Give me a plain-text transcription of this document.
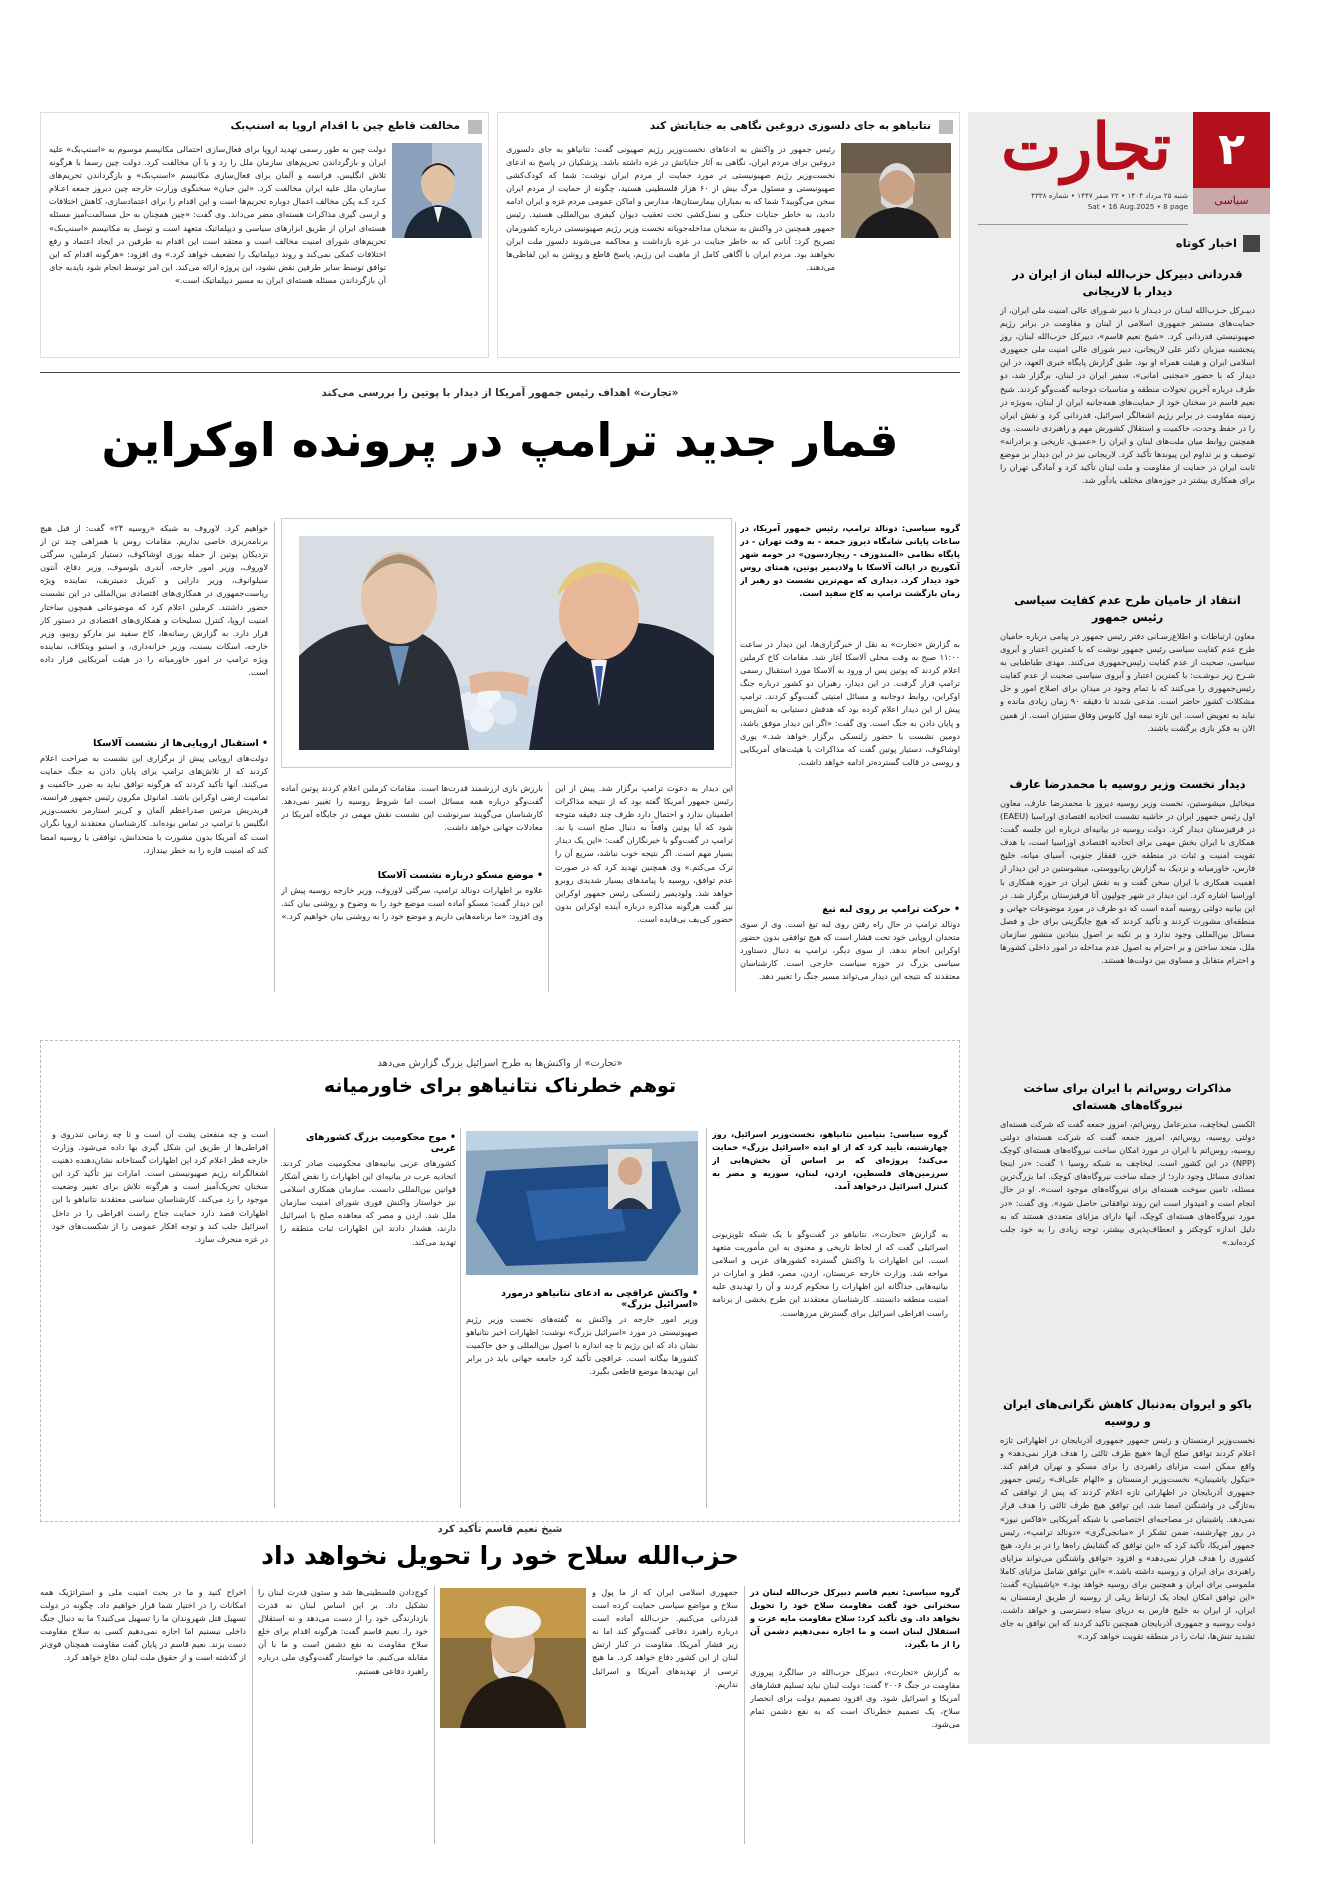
۲
سیاسی
تجارت
شنبه ۲۵ مرداد ۱۴۰۴ • ۲۲ صفر ۱۴۴۷ • شماره ۴۳۳۸
Sat • 16 Aug.2025 • 8 page
اخبار کوتاه
قدردانی دبیرکل حزب‌الله لبنان از ایران در دیدار با لاریجانی
دبیـرکل حـزب‌الله لبنـان در دیـدار با دبیر شـورای عالی امنیت ملی ایران، از حمایت‌های مستمر جمهوری اسلامی از لبنان و مقاومت در برابر رژیم صهیونیستی قدردانی کرد. «شیخ نعیم قاسم»، دبیرکل حزب‌الله لبنان، روز پنجشنبه میزبان دکتر علی لاریجانی، دبیر شورای عالی امنیت ملی جمهوری اسلامی ایران و هیئت همراه او بود. طبق گزارش پایگاه خبری العهد، در این دیدار که با حضور «مجتبی امانی»، سفیر ایران در لبنان، برگزار شد، دو طرف درباره آخرین تحولات منطقه و مناسبات دوجانبه گفت‌وگو کردند. شیخ نعیم قاسم در سخنان خود از حمایت‌های همه‌جانبه ایران از لبنان، به‌ویژه در زمینه مقاومت در برابر رژیم اشغالگر اسرائیل، قدردانی کرد و نقش ایران را در حفظ وحدت، حاکمیت و استقلال کشورش مهم و راهبردی دانست. وی همچنین روابط میان ملت‌های لبنان و ایران را «عمیـق، تاریخی و برادرانه» توصیف و بر تداوم این پیوندها تأکید کرد. لاریجانی نیز در این دیدار بر موضع ثابت ایران در حمایت از مقاومت و ملت لبنان تأکید کرد و آمادگی تهران را برای همکاری بیشتر در حوزه‌های مختلف یادآور شد.
انتقاد از حامیان طرح عدم کفایت سیاسی رئیس جمهور
معاون ارتباطات و اطلاع‌رسـانی دفتر رئیس جمهور در پیامی درباره حامیان طرح عدم کفایت سیاسی رئیس جمهور نوشت که با کمترین اعتبار و آبروی سیاسی، صحبت از عدم کفایت رئیس‌جمهوری می‌کنند. مهدی طباطبایی به شـرح زیر نـوشـت: با کمترین اعتبار و آبروی سیاسی صحبت از عدم کفایت رئیس‌جمهوری را می‌کنند که با تمام وجود در میدان برای اصلاح امور و حل مشکلات کشور حاضر است. مدعی شدند تا دقیقه ۹۰ زمان زیادی مانده و نباید به تعویض است. این تازه نیمه اول کابوس وفاق ستیزان است. از همین الان به فکر بازی برگشت باشند.
دیدار نخست وزیر روسیه با محمدرضا عارف
میخائیل میشوستین، نخست وزیر روسیه دیروز با محمدرضا عارف، معاون اول رئیس جمهور ایران در حاشیه نشست اتحادیه اقتصادی اوراسیا (EAEU) در قرقیزستان دیدار کرد. دولت روسیه در بیانیه‌ای درباره این جلسه گفت: همکاری با ایران بخش مهمی برای اتحادیه اقتصادی اوراسیا است، با هدف تقویت امنیت و ثبات در منطقه خزر، قفقاز جنوبی، آسیای میانه، خلیج فارس، خاورمیانه و نزدیک به گزارش ریانووستی، میشوستین در این دیدار از اهمیت همکاری با ایران سخن گفت و به نقش ایران در حوزه همکاری با اوراسیا اشاره کرد. این دیدار در شهر چولپون آتا قرقیزستان برگزار شد. در این بیانیه دولتی روسیه آمده است که دو طرف در مورد موضوعات جهانی و منطقه‌ای مشورت کردند و تأکید کردند که هیچ جایگزینی برای حل و فصل مسائل بین‌المللی وجود ندارد و بر تکیه بر اصول بنیادین منشور سازمان ملل، متحد ساختن و بر احترام به اصول عدم مداخله در امور داخلی کشورها و احترام متقابل و مساوی بین دولت‌ها هستند.
مذاکرات روس‌اتم با ایران برای ساخت نیروگاه‌های هسته‌ای
الکسی لیخاچف، مدیرعامل روس‌اتم، امروز جمعه گفت که شرکت هسته‌ای دولتی روسیه، روس‌اتم، امروز جمعه گفت که شرکت هسته‌ای دولتی روسیه، روس‌اتم با ایران در مورد امکان ساخت نیروگاه‌های هسته‌ای کوچک (NPP) در این کشور است. لیخاچف به شبکه روسیا ۱ گفت: «در اینجا تعدادی مسائل وجود دارد؛ از جمله ساخت نیروگاه‌های کوچک. اما بزرگ‌ترین مسئله، تامین سوخت هسته‌ای برای نیروگاه‌های موجود است». او در حال انجام است و امیدوار است این روند توافقاتی حاصل شود». وی گفت: «در مورد نیروگاه‌های هسته‌ای کوچک، آنها دارای مزایای متعددی هستند که به دلیل اندازه کوچکتر و انعطاف‌پذیری بیشتر، توجه زیادی را به خود جلب کرده‌اند.»
باکو و ایروان به‌دنبال کاهش نگرانی‌های ایران و روسیه
نخست‌وزیر ارمنستان و رئیس جمهور جمهوری آذربایجان در اظهاراتی تازه اعلام کردند توافق صلح آن‌ها «هیچ طرف ثالثی را هدف قرار نمی‌دهد» و واقع ممکن است مزایای راهبردی را برای مسکو و تهران فراهم کند. «نیکول پاشینیان» نخست‌وزیر ارمنستان و «الهام علی‌اف» رئیس جمهور جمهوری آذربایجان در اظهاراتی تازه اعلام کردند که پس از توافقی که به‌تازگی در واشنگتن امضا شد، این توافق هیچ طرف ثالثی را هدف قرار نمی‌دهد. پاشینیان در مصاحبه‌ای اختصاصی با شبکه آمریکایی «فاکس نیوز» در روز چهارشنبه، ضمن تشکر از «میانجی‌گری» «دونالد ترامپ»، رئیس جمهور آمریکا، تأکید کرد که «این توافق که گشایش راه‌ها را در بر دارد، هیچ کشوری را هدف قرار نمی‌دهد» و افزود «توافق واشنگتن می‌تواند مزایای راهبردی برای ایران و روسیه داشته باشد.» «این توافق شامل مزایای کاملا ملموسی برای ایران و همچنین برای روسیه خواهد بود.» «پاشینیان» گفت: «این توافق امکان ایجاد یک ارتباط ریلی از روسیه از طریق ارمنستان به ایران، از ایران به خلیج فارس به دریای سیاه دسترسی و خواهد داشت. دولت روسیه و جمهوری آذربایجان همچنین تاکید کردند که این توافق به جای تشدید تنش‌ها، ثبات را در منطقه تقویت خواهد کرد.»
مخالفت قاطع چین با اقدام اروپا به اسنپ‌بک
دولت چین به طور رسمی تهدید اروپا برای فعال‌سازی احتمالی مکانیسم موسوم به «اسنپ‌بک» علیه ایران و بازگرداندن تحریم‌های سازمان ملل را رد و با آن مخالفت کرد. دولت چین رسما با هرگونه تلاش انگلیس، فرانسه و آلمان برای فعال‌سازی مکانیسم «اسنپ‌بک» و بازگرداندن تحریم‌های سازمان ملل علیه ایران مخالفت کرد. «لین جیان» سخنگوی وزارت خارجه چین دیروز جمعه اعـلام کـرد کـه پکن مخالف اعمال دوباره تحریم‌ها است و این اقدام را برای اعتمادسازی، کاهش اختلافات و ارسی گیری مذاکرات هسته‌ای مضر می‌داند. وی گفت: «چین همچنان به حل مسالمت‌آمیز مسئله هسته‌ای ایران از طریق ابزارهای سیاسی و دیپلماتیک متعهد است و توسل به مکانیسم «اسنپ‌بک» تحریم‌های شورای امنیت مخالف است و معتقد است این اقدام به طرفین در ایجاد اعتماد و رفع اختلافات کمکی نمی‌کند و روند دیپلماتیک را تضعیف خواهد کرد.» وی افزود: «هرگونه اقدام که این توافق توسط سایر طرفین نقض نشود، این پروژه ارائه می‌کند. این امر توسط انجام شود بایدبه جای آن بازگرداندن مسئله هسته‌ای ایران به مسیر دیپلماتیک است.»
نتانیاهو به جای دلسوزی دروغین نگاهی به جنایاتش کند
رئیس جمهور در واکنش به ادعاهای نخست‌وزیر رژیم صهیونی گفت: نتانیاهو به جای دلسوزی دروغین برای مردم ایران، نگاهی به آثار جنایاتش در غزه داشته باشد. پزشکیان در پاسخ به ادعای نخست‌وزیر رژیم صهیونیستی در مورد حمایت از مردم ایران نوشت: شما که کودک‌کشی صهیونیستی و مسئول مرگ بیش از ۶۰ هزار فلسطینی هستید، چگونه از حمایت از مردم ایران سخن می‌گویید؟ شما که به بمباران بیمارستان‌ها، مدارس و اماکن عمومی مردم غزه و ایران ادامه دادید، به خاطر جنایات جنگی و نسل‌کشی تحت تعقیب دیوان کیفری بین‌المللی هستید. رئیس جمهور همچنین در واکنش به سخنان مداخله‌جویانه نخست وزیر رژیم صهیونیستی درباره کشورمان تصریح کرد: آنانی که به خاطر جنایت در غزه بازداشت و محاکمه می‌شوند دلسوز ملت ایران نخواهند بود. مردم ایران با آگاهی کامل از ماهیت این رژیم، پاسخ قاطع و روشن به این لفاظی‌ها می‌دهند.
«تجارت» اهداف رئیس جمهور آمریکا از دیدار با پوتین را بررسی می‌کند
قمار جدید ترامپ در پرونده اوکراین
گروه سیاسی: دونالد ترامپ، رئیس جمهور آمریکا، در ساعات پایانی شامگاه دیروز جمعه - به وقت تهران - در پایگاه نظامی «المندورف - ریچاردسون» در حومه شهر آنکوریج در ایالت آلاسکا با ولادیمیر پوتین، همتای روس خود دیدار کرد. دیداری که مهم‌ترین نشست دو رهبر از زمان بازگشت ترامپ به کاخ سفید است.
به گزارش «تجارت» به نقل از خبرگزاری‌ها، این دیدار در ساعت ۱۱:۰۰ صبح به وقت محلی آلاسکا آغاز شد. مقامات کاخ کرملین اعلام کردند که پوتین پس از ورود به آلاسکا مورد استقبال رسمی ترامپ قرار گرفت. در این دیدار، رهبران دو کشور درباره جنگ اوکراین، روابط دوجانبه و مسائل امنیتی گفت‌وگو کردند. ترامپ پیش از این دیدار اعلام کرده بود که هدفش دستیابی به آتش‌بس و پایان دادن به جنگ است. وی گفت: «اگر این دیدار موفق باشد، دومین نشست با حضور زلنسکی برگزار خواهد شد.» یوری اوشاکوف، دستیار پوتین گفت که مذاکرات با هیئت‌های آمریکایی و روسی در قالب گسترده‌تر ادامه خواهد داشت.
• حرکت ترامپ بر روی لبه تیغ
دونالد ترامپ در حال راه رفتن روی لبه تیغ است. وی از سوی متحدان اروپایی خود تحت فشار است که هیچ توافقی بدون حضور اوکراین انجام ندهد. از سوی دیگر، ترامپ به دنبال دستاورد سیاسی بزرگ در حوزه سیاست خارجی است. کارشناسان معتقدند که نتیجه این دیدار می‌تواند مسیر جنگ را تغییر دهد.
این دیدار به دعوت ترامپ برگزار شد. پیش از این رئیس جمهور آمریکا گفته بود که از نتیجه مذاکرات اطمینان ندارد و احتمال دارد ظرف چند دقیقه متوجه شود که آیا پوتین واقعاً به دنبال صلح است یا نه. ترامپ در گفت‌وگو با خبرنگاران گفت: «این یک دیدار بسیار مهم است. اگر نتیجه خوب نباشد، سریع آن را ترک می‌کنم.» وی همچنین تهدید کرد که در صورت عدم توافق، روسیه با پیامدهای بسیار شدیدی روبرو خواهد شد. ولودیمیر زلنسکی رئیس جمهور اوکراین نیز گفت هرگونه مذاکره درباره آینده اوکراین بدون حضور کی‌یف بی‌فایده است.
بارزش بازی ارزشمند قدرت‌ها است. مقامات کرملین اعلام کردند پوتین آماده گفت‌وگو درباره همه مسائل است اما شروط روسیه را تغییر نمی‌دهد. کارشناسان می‌گویند سرنوشت این نشست نقش مهمی در جایگاه آمریکا در معادلات جهانی خواهد داشت.
• موضع مسکو درباره نشست آلاسکا
علاوه بر اظهارات دونالد ترامپ، سرگئی لاوروف، وزیر خارجه روسیه پیش از این دیدار گفت: مسکو آماده است موضع خود را به وضوح و روشنی بیان کند. وی افزود: «ما برنامه‌هایی داریم و موضع خود را به روشنی بیان خواهیم کرد.»
خواهیم کرد. لاوروف به شبکه «روسیه ۲۴» گفت: از قبل هیچ برنامه‌ریزی خاصی نداریم. مقامات روس با همراهی چند تن از نزدیکان پوتین از جمله یوری اوشاکوف، دستیار کرملین، سرگئی لاوروف، وزیر امور خارجه، آندری بلوسوف، وزیر دفاع، آنتون سیلوانوف، وزیر دارایی و کیریل دمیتریف، نماینده ویژه ریاست‌جمهوری در همکاری‌های اقتصادی بین‌المللی در این نشست حضور داشتند. کرملین اعلام کرد که موضوعاتی همچون ساختار امنیت اروپا، کنترل تسلیحات و همکاری‌های اقتصادی در دستور کار قرار دارد. به گزارش رسانه‌ها، کاخ سفید نیز مارکو روبیو، وزیر خارجه، اسکات بسنت، وزیر خزانه‌داری، و استیو ویتکاف، نماینده ویژه ترامپ در امور خاورمیانه را در هیئت آمریکایی قرار داده است.
• استقبال اروپایی‌ها از نشست آلاسکا
دولت‌های اروپایی پیش از برگزاری این نشست به صراحت اعلام کردند که از تلاش‌های ترامپ برای پایان دادن به جنگ حمایت می‌کنند. آنها تأکید کردند که هرگونه توافق نباید به ضرر حاکمیت و تمامیت ارضی اوکراین باشد. امانوئل مکرون رئیس جمهور فرانسه، فریدریش مرتس صدراعظم آلمان و کی‌یر استارمر نخست‌وزیر انگلیس با ترامپ در تماس بوده‌اند. کارشناسان معتقدند اروپا نگران است که آمریکا بدون مشورت با متحدانش، توافقی با روسیه امضا کند که امنیت قاره را به خطر بیندازد.
«تجارت» از واکنش‌ها به طرح اسرائیل بزرگ گزارش می‌دهد
توهم خطرناک نتانیاهو برای خاورمیانه
گروه سیاسی: بنیامین نتانیاهو، نخست‌وزیر اسرائیل، روز چهارشنبه، تأیید کرد که از او ایده «اسرائیل بزرگ» حمایت می‌کند؛ پروژه‌ای که بر اساس آن بخش‌هایی از سرزمین‌های فلسطین، اردن، لبنان، سوریه و مصر به کنترل اسرائیل درخواهد آمد.
به گزارش «تجارت»، نتانیاهو در گفت‌وگو با یک شبکه تلویزیونی اسرائیلی گفت که از لحاظ تاریخی و معنوی به این مأموریت متعهد است. این اظهارات با واکنش گسترده کشورهای عربی و اسلامی مواجه شد. وزارت خارجه عربستان، اردن، مصر، قطر و امارات در بیانیه‌هایی جداگانه این اظهارات را محکوم کردند و آن را تهدیدی علیه امنیت منطقه دانستند. کارشناسان معتقدند این طرح بخشی از برنامه راست افراطی اسرائیل برای گسترش مرزهاست.
• واکنش عراقچی به ادعای نتانیاهو درمورد «اسرائیل بزرگ»
وزیر امور خارجه در واکنش به گفته‌های نخست وزیر رژیم صهیونیستی در مورد «اسرائیل بزرگ» نوشت: اظهارات اخیر نتانیاهو نشان داد که این رژیم تا چه اندازه با اصول بین‌المللی و حق حاکمیت کشورها بیگانه است. عراقچی تأکید کرد جامعه جهانی باید در برابر این تهدیدها موضع قاطعی بگیرد.
• موج محکومیت بزرگ کشورهای عربی
کشورهای عربی بیانیه‌های محکومیت صادر کردند. اتحادیه عرب در بیانیه‌ای این اظهارات را نقض آشکار قوانین بین‌المللی دانست. سازمان همکاری اسلامی نیز خواستار واکنش فوری شورای امنیت سازمان ملل شد. اردن و مصر که معاهده صلح با اسرائیل دارند، هشدار دادند این اظهارات ثبات منطقه را تهدید می‌کند.
است و چه منفعتی پشت آن است و تا چه زمانی تندروی و افراطی‌ها از طریق این شکل گیری بها داده می‌شود. وزارت خارجه قطر اعلام کرد این اظهارات گستاخانه نشان‌دهنده ذهنیت اشغالگرانه رژیم صهیونیستی است. امارات نیز تأکید کرد این سخنان تحریک‌آمیز است و هرگونه تلاش برای تغییر وضعیت موجود را رد می‌کند. کارشناسان سیاسی معتقدند نتانیاهو با این اظهارات قصد دارد حمایت جناح راست افراطی را در داخل اسرائیل جلب کند و توجه افکار عمومی را از شکست‌های خود در غزه منحرف سازد.
شیخ نعیم قاسم تأکید کرد
حزب‌الله سلاح خود را تحویل نخواهد داد
گروه سیاسی: نعیم قاسم دبیرکل حزب‌الله لبنان در سخنرانی خود گفت مقاومت سلاح خود را تحویل نخواهد داد. وی تأکید کرد: سلاح مقاومت مایه عزت و استقلال لبنان است و ما اجازه نمی‌دهیم دشمن آن را از ما بگیرد.
به گزارش «تجارت»، دبیرکل حزب‌الله در سالگرد پیروزی مقاومت در جنگ ۲۰۰۶ گفت: دولت لبنان نباید تسلیم فشارهای آمریکا و اسرائیل شود. وی افزود تصمیم دولت برای انحصار سلاح، یک تصمیم خطرناک است که به نفع دشمن تمام می‌شود.
جمهوری اسلامی ایران که از ما پول و سلاح و مواضع سیاسی حمایت کرده است قدردانی می‌کنیم. حزب‌الله آماده است درباره راهبرد دفاعی گفت‌وگو کند اما نه زیر فشار آمریکا. مقاومت در کنار ارتش لبنان از این کشور دفاع خواهد کرد. ما هیچ ترسی از تهدیدهای آمریکا و اسرائیل نداریم.
کوچ‌دادن فلسطینی‌ها شد و ستون قدرت لبنان را تشکیل داد. بر این اساس لبنان نه قدرت بازدارندگی خود را از دست می‌دهد و نه استقلال خود را. نعیم قاسم گفت: هرگونه اقدام برای خلع سلاح مقاومت به نفع دشمن است و ما با آن مقابله می‌کنیم. ما خواستار گفت‌وگوی ملی درباره راهبرد دفاعی هستیم.
اخراج کنید و ما در بحث امنیت ملی و استراتژیک همه امکانات را در اختیار شما قرار خواهیم داد. چگونه در دولت تسهیل قتل شهروندان ما را تسهیل می‌کنید؟ ما به دنبال جنگ داخلی نیستیم اما اجازه نمی‌دهیم کسی به سلاح مقاومت دست بزند. نعیم قاسم در پایان گفت مقاومت همچنان قوی‌تر از گذشته است و از حقوق ملت لبنان دفاع خواهد کرد.
